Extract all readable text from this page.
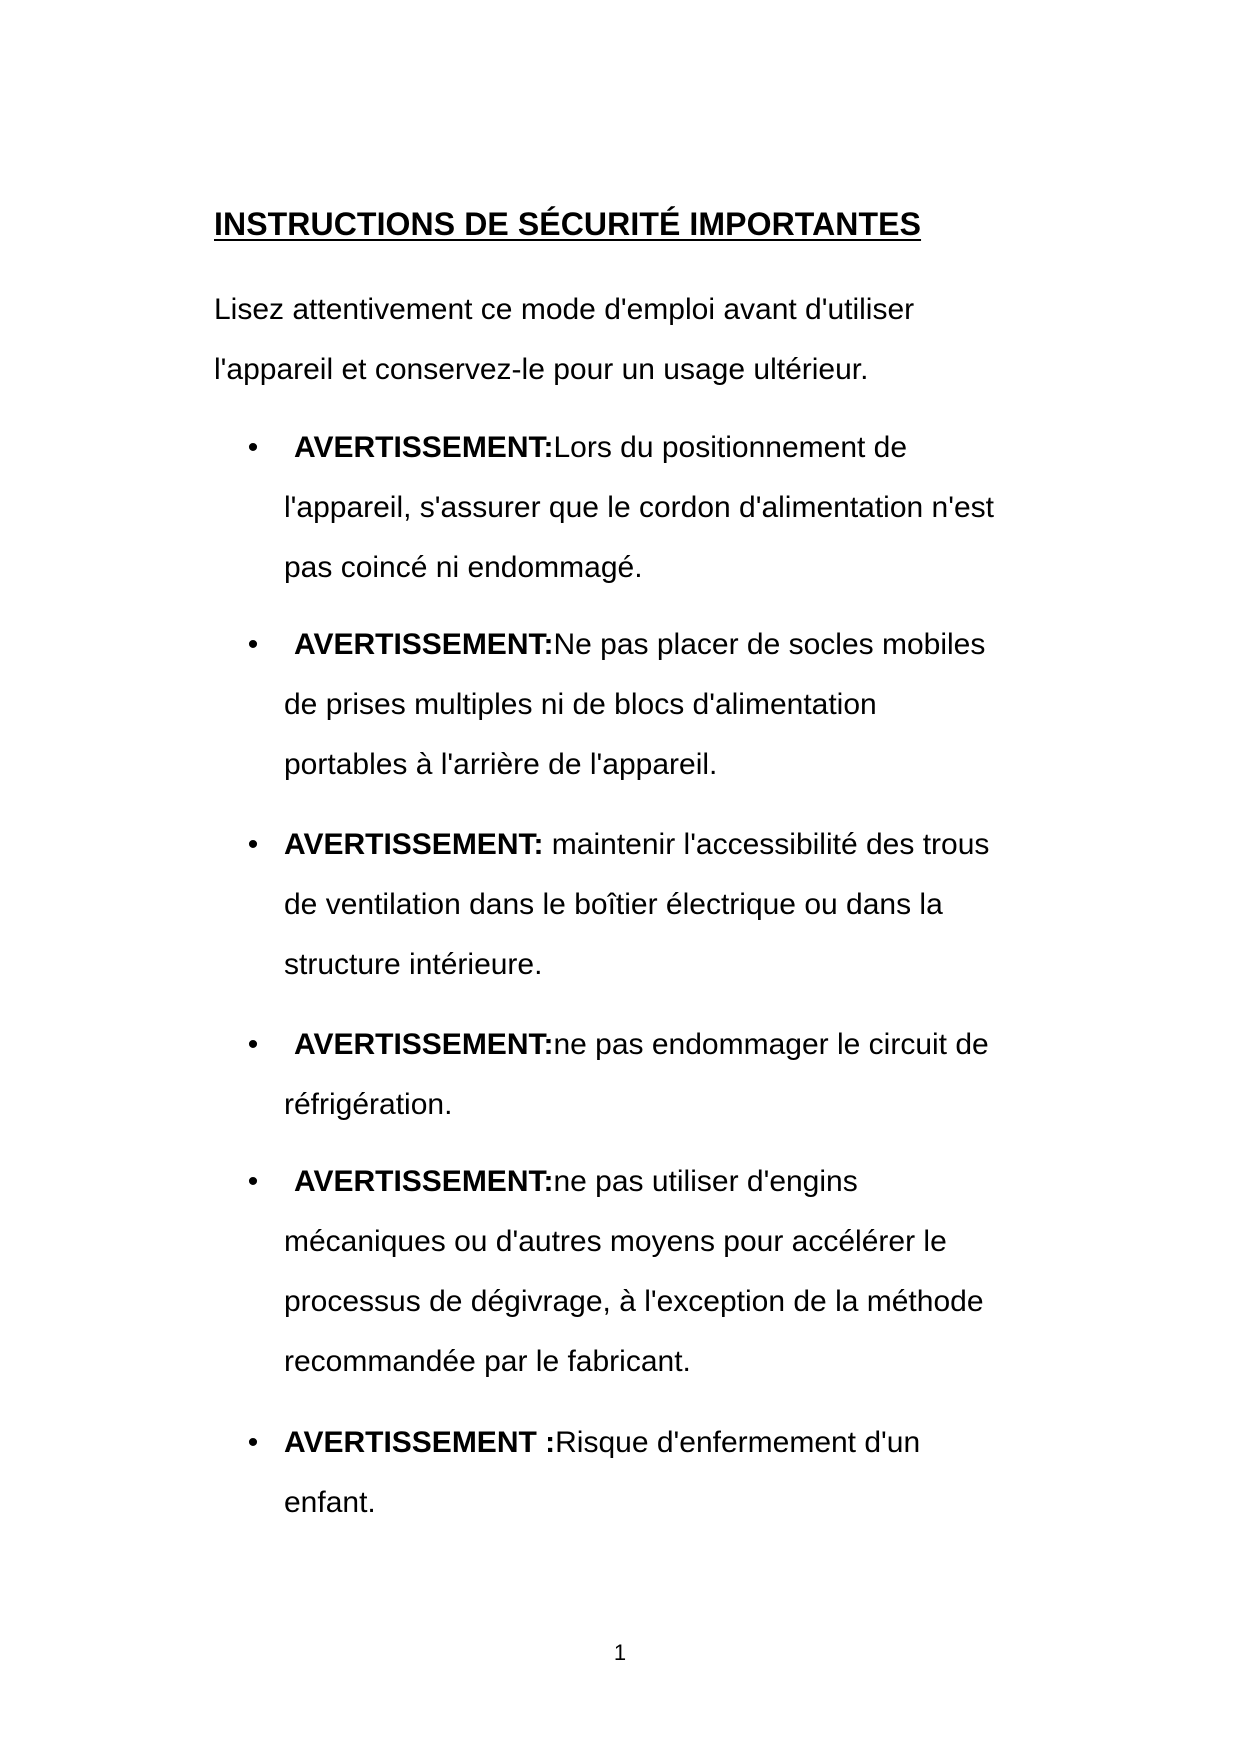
INSTRUCTIONS DE SÉCURITÉ IMPORTANTES

Lisez attentivement ce mode d'emploi avant d'utiliser
l'appareil et conservez-le pour un usage ultérieur.

• AVERTISSEMENT:Lors du positionnement de
l'appareil, s'assurer que le cordon d'alimentation n'est
pas coincé ni endommagé.
• AVERTISSEMENT:Ne pas placer de socles mobiles
de prises multiples ni de blocs d'alimentation
portables à l'arrière de l'appareil.
• AVERTISSEMENT: maintenir l'accessibilité des trous
de ventilation dans le boîtier électrique ou dans la
structure intérieure.
• AVERTISSEMENT:ne pas endommager le circuit de
réfrigération.
• AVERTISSEMENT:ne pas utiliser d'engins
mécaniques ou d'autres moyens pour accélérer le
processus de dégivrage, à l'exception de la méthode
recommandée par le fabricant.
• AVERTISSEMENT :Risque d'enfermement d'un
enfant.
1
